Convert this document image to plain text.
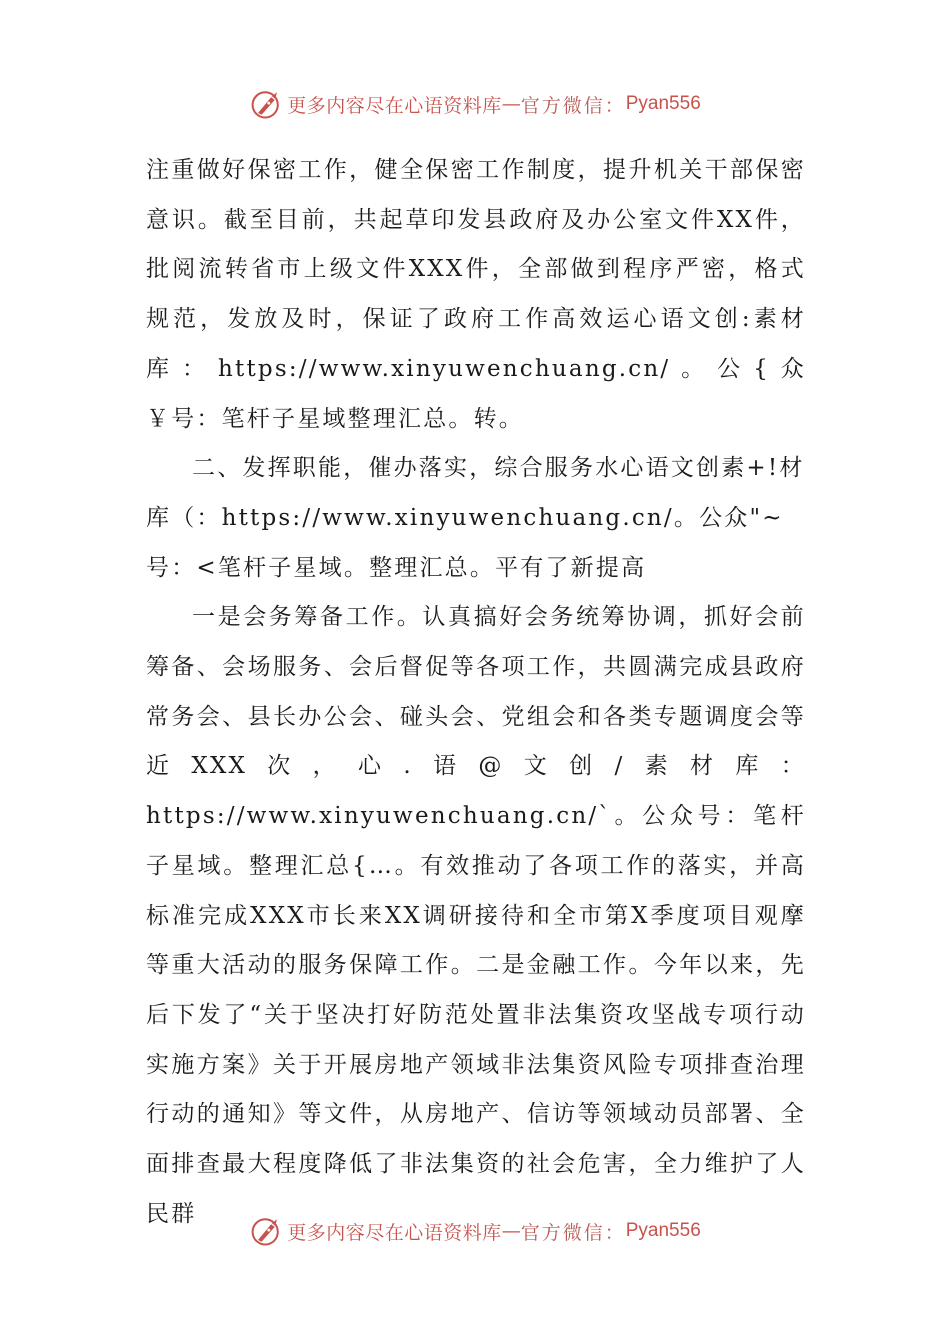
更多内容尽在心语资料库 — 官方微信： Pyan556

注重做好保密工作，健全保密工作制度，提升机关干部保密意识。截至目前，共起草印发县政府及办公室文件XX件，批阅流转省市上级文件XXX件，全部做到程序严密，格式规范，发放及时，保证了政府工作高效运心语文创:素材库：https://www.xinyuwenchuang.cn/。公{众￥号：笔杆子星域整理汇总。转。

二、发挥职能，催办落实，综合服务水心语文创素+!材库（：https://www.xinyuwenchuang.cn/。公众"~号：<笔杆子星域。整理汇总。平有了新提高

一是会务筹备工作。认真搞好会务统筹协调，抓好会前筹备、会场服务、会后督促等各项工作，共圆满完成县政府常务会、县长办公会、碰头会、党组会和各类专题调度会等近XXX次，心.语@文创/素材库：https://www.xinyuwenchuang.cn/`。公众号：笔杆子星域。整理汇总{…。有效推动了各项工作的落实，并高标准完成XXX市长来XX调研接待和全市第X季度项目观摩等重大活动的服务保障工作。二是金融工作。今年以来，先后下发了“关于坚决打好防范处置非法集资攻坚战专项行动实施方案》关于开展房地产领域非法集资风险专项排查治理行动的通知》等文件，从房地产、信访等领域动员部署、全面排查最大程度降低了非法集资的社会危害，全力维护了人民群

更多内容尽在心语资料库 — 官方微信： Pyan556
